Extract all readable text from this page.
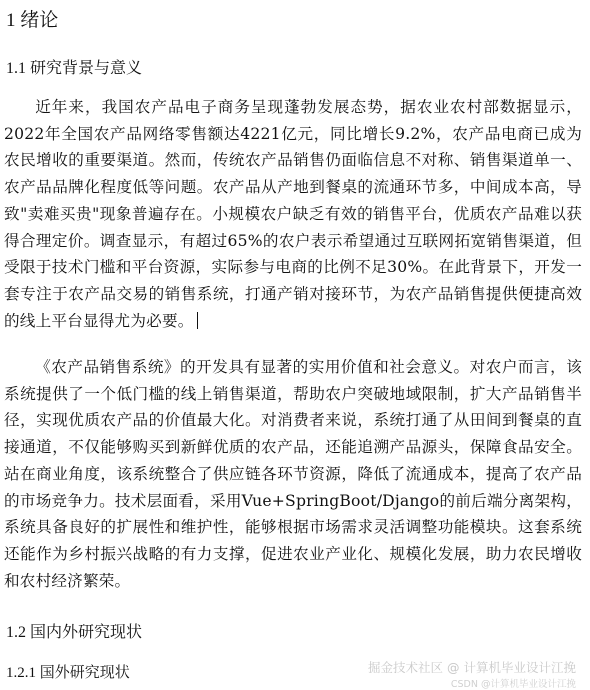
1 绪论
1.1 研究背景与意义

近年来，我国农产品电子商务呈现蓬勃发展态势，据农业农村部数据显示，2022年全国农产品网络零售额达4221亿元，同比增长9.2%，农产品电商已成为农民增收的重要渠道。然而，传统农产品销售仍面临信息不对称、销售渠道单一、农产品品牌化程度低等问题。农产品从产地到餐桌的流通环节多，中间成本高，导致"卖难买贵"现象普遍存在。小规模农户缺乏有效的销售平台，优质农产品难以获得合理定价。调查显示，有超过65%的农户表示希望通过互联网拓宽销售渠道，但受限于技术门槛和平台资源，实际参与电商的比例不足30%。在此背景下，开发一套专注于农产品交易的销售系统，打通产销对接环节，为农产品销售提供便捷高效的线上平台显得尤为必要。

《农产品销售系统》的开发具有显著的实用价值和社会意义。对农户而言，该系统提供了一个低门槛的线上销售渠道，帮助农户突破地域限制，扩大产品销售半径，实现优质农产品的价值最大化。对消费者来说，系统打通了从田间到餐桌的直接通道，不仅能够购买到新鲜优质的农产品，还能追溯产品源头，保障食品安全。站在商业角度，该系统整合了供应链各环节资源，降低了流通成本，提高了农产品的市场竞争力。技术层面看，采用Vue+SpringBoot/Django的前后端分离架构，系统具备良好的扩展性和维护性，能够根据市场需求灵活调整功能模块。这套系统还能作为乡村振兴战略的有力支撑，促进农业产业化、规模化发展，助力农民增收和农村经济繁荣。

1.2 国内外研究现状
1.2.1 国外研究现状	掘金技术社区 @ 计算机毕业设计江挽
CSDN @计算机毕业设计江挽
